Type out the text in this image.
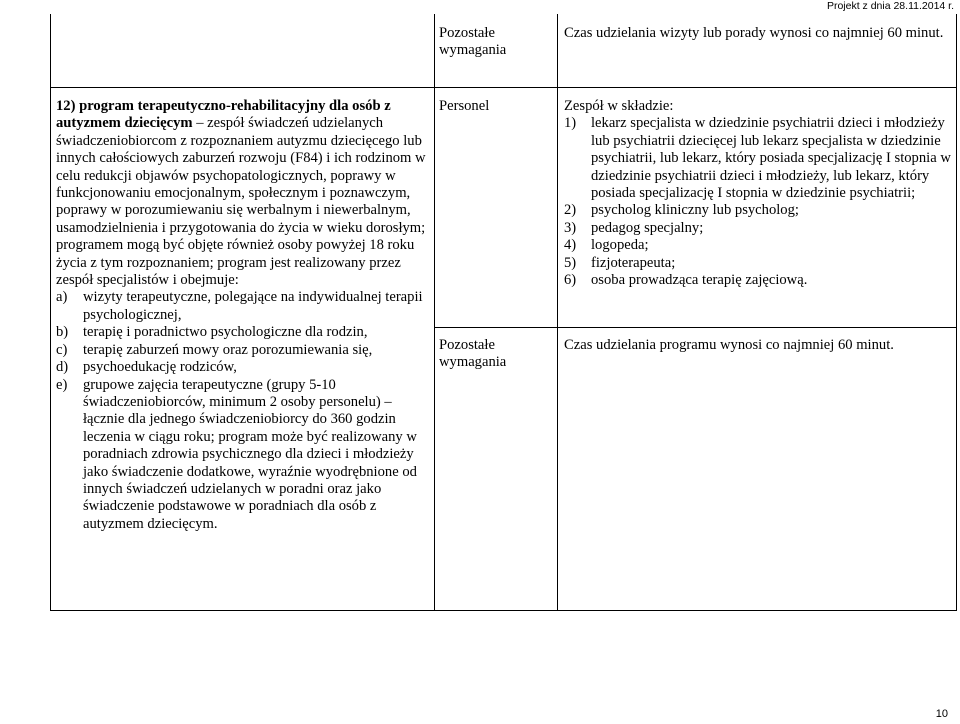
Projekt z dnia 28.11.2014 r.
Pozostałe wymagania
Czas udzielania wizyty lub porady wynosi co najmniej 60 minut.
12) program terapeutyczno-rehabilitacyjny dla osób z autyzmem dziecięcym – zespół świadczeń udzielanych świadczeniobiorcom z rozpoznaniem autyzmu dziecięcego lub innych całościowych zaburzeń rozwoju (F84) i ich rodzinom w celu redukcji objawów psychopatologicznych, poprawy w funkcjonowaniu emocjonalnym, społecznym i poznawczym, poprawy w porozumiewaniu się werbalnym i niewerbalnym, usamodzielnienia i przygotowania do życia w wieku dorosłym; programem mogą być objęte również osoby powyżej 18 roku życia z tym rozpoznaniem; program jest realizowany przez zespół specjalistów i obejmuje:
a) wizyty terapeutyczne, polegające na indywidualnej terapii psychologicznej,
b) terapię i poradnictwo psychologiczne dla rodzin,
c) terapię zaburzeń mowy oraz porozumiewania się,
d) psychoedukację rodziców,
e) grupowe zajęcia terapeutyczne (grupy 5-10 świadczeniobiorców, minimum 2 osoby personelu) – łącznie dla jednego świadczeniobiorcy do 360 godzin leczenia w ciągu roku; program może być realizowany w poradniach zdrowia psychicznego dla dzieci i młodzieży jako świadczenie dodatkowe, wyraźnie wyodrębnione od innych świadczeń udzielanych w poradni oraz jako świadczenie podstawowe w poradniach dla osób z autyzmem dziecięcym.
Personel	Zespół w składzie:
1) lekarz specjalista w dziedzinie psychiatrii dzieci i młodzieży lub psychiatrii dziecięcej lub lekarz specjalista w dziedzinie psychiatrii, lub lekarz, który posiada specjalizację I stopnia w dziedzinie psychiatrii dzieci i młodzieży, lub lekarz, który posiada specjalizację I stopnia w dziedzinie psychiatrii;
2) psycholog kliniczny lub psycholog;
3) pedagog specjalny;
4) logopeda;
5) fizjoterapeuta;
6) osoba prowadząca terapię zajęciową.
Pozostałe wymagania
Czas udzielania programu wynosi co najmniej 60 minut.
10
